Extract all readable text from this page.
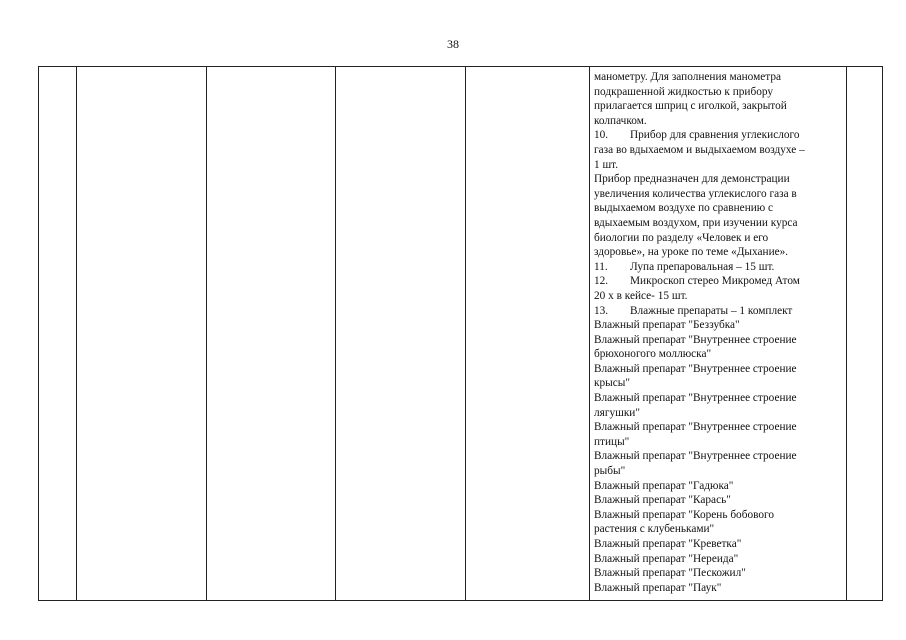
38
манометру. Для заполнения манометра
подкрашенной жидкостью к прибору
прилагается шприц с иголкой, закрытой
колпачком.
10. Прибор для сравнения углекислого
газа во вдыхаемом и выдыхаемом воздухе –
1 шт.
Прибор предназначен для демонстрации
увеличения количества углекислого газа в
выдыхаемом воздухе по сравнению с
вдыхаемым воздухом, при изучении курса
биологии по разделу «Человек и его
здоровье», на уроке по теме «Дыхание».
11. Лупа препаровальная – 15 шт.
12. Микроскоп стерео Микромед Атом
20 х в кейсе- 15 шт.
13. Влажные препараты – 1 комплект
Влажный препарат "Беззубка"
Влажный препарат "Внутреннее строение
брюхоногого моллюска"
Влажный препарат "Внутреннее строение
крысы"
Влажный препарат "Внутреннее строение
лягушки"
Влажный препарат "Внутреннее строение
птицы"
Влажный препарат "Внутреннее строение
рыбы"
Влажный препарат "Гадюка"
Влажный препарат "Карась"
Влажный препарат "Корень бобового
растения с клубеньками"
Влажный препарат "Креветка"
Влажный препарат "Нереида"
Влажный препарат "Пескожил"
Влажный препарат "Паук"
